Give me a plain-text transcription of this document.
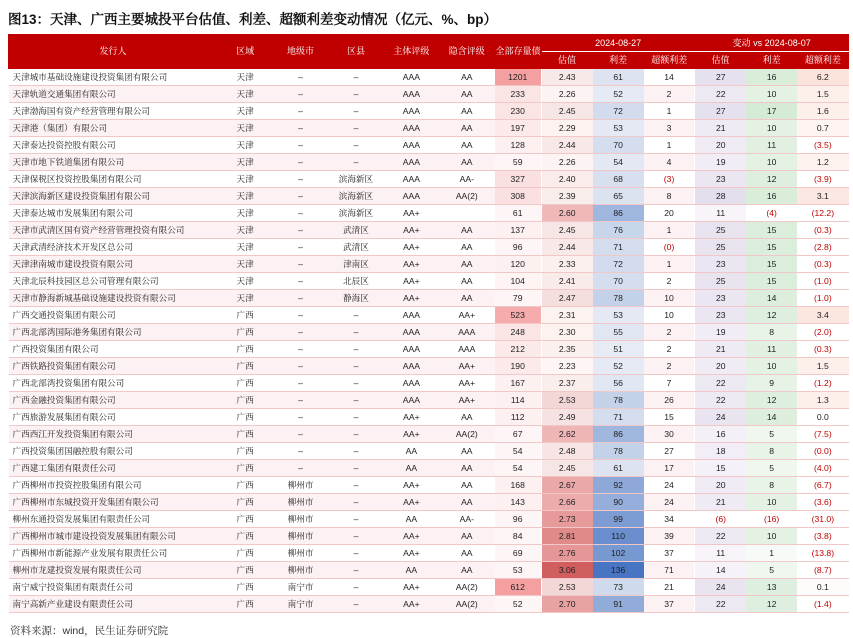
图13：天津、广西主要城投平台估值、利差、超额利差变动情况（亿元、%、bp）
发行人	区域	地级市	区县	主体评级	隐含评级	全部存量债	2024-08-27			变动 vs 2024-08-07		
							估值	利差	超额利差	估值	利差	超额利差
天津城市基础设施建设投资集团有限公司	天津	–	–	AAA	AA	1201	2.43	61	14	27	16	6.2
天津轨道交通集团有限公司	天津	–	–	AAA	AA	233	2.26	52	2	22	10	1.5
天津渤海国有资产经营管理有限公司	天津	–	–	AAA	AA	230	2.45	72	1	27	17	1.6
天津港（集团）有限公司	天津	–	–	AAA	AA	197	2.29	53	3	21	10	0.7
天津泰达投资控股有限公司	天津	–	–	AAA	AA	128	2.44	70	1	20	11	(3.5)
天津市地下铁道集团有限公司	天津	–	–	AAA	AA	59	2.26	54	4	19	10	1.2
天津保税区投资控股集团有限公司	天津	–	滨海新区	AAA	AA-	327	2.40	68	(3)	23	12	(3.9)
天津滨海新区建设投资集团有限公司	天津	–	滨海新区	AAA	AA(2)	308	2.39	65	8	28	16	3.1
天津泰达城市发展集团有限公司	天津	–	滨海新区	AA+		61	2.60	86	20	11	(4)	(12.2)
天津市武清区国有资产经营管理投资有限公司	天津	–	武清区	AA+	AA	137	2.45	76	1	25	15	(0.3)
天津武清经济技术开发区总公司	天津	–	武清区	AA+	AA	96	2.44	71	(0)	25	15	(2.8)
天津津南城市建设投资有限公司	天津	–	津南区	AA+	AA	120	2.33	72	1	23	15	(0.3)
天津北辰科技园区总公司管理有限公司	天津	–	北辰区	AA+	AA	104	2.41	70	2	25	15	(1.0)
天津市静海新城基础设施建设投资有限公司	天津	–	静海区	AA+	AA	79	2.47	78	10	23	14	(1.0)
广西交通投资集团有限公司	广西	–	–	AAA	AA+	523	2.31	53	10	23	12	3.4
广西北部湾国际港务集团有限公司	广西	–	–	AAA	AAA	248	2.30	55	2	19	8	(2.0)
广西投资集团有限公司	广西	–	–	AAA	AAA	212	2.35	51	2	21	11	(0.3)
广西铁路投资集团有限公司	广西	–	–	AAA	AA+	190	2.23	52	2	20	10	1.5
广西北部湾投资集团有限公司	广西	–	–	AAA	AA+	167	2.37	56	7	22	9	(1.2)
广西金融投资集团有限公司	广西	–	–	AAA	AA+	114	2.53	78	26	22	12	1.3
广西旅游发展集团有限公司	广西	–	–	AA+	AA	112	2.49	71	15	24	14	0.0
广西西江开发投资集团有限公司	广西	–	–	AA+	AA(2)	67	2.62	86	30	16	5	(7.5)
广西投资集团国融控股有限公司	广西	–	–	AA	AA	54	2.48	78	27	18	8	(0.0)
广西建工集团有限责任公司	广西	–	–	AA	AA	54	2.45	61	17	15	5	(4.0)
广西柳州市投资控股集团有限公司	广西	柳州市	–	AA+	AA	168	2.67	92	24	20	8	(6.7)
广西柳州市东城投资开发集团有限公司	广西	柳州市	–	AA+	AA	143	2.66	90	24	21	10	(3.6)
柳州东通投资发展集团有限责任公司	广西	柳州市	–	AA	AA-	96	2.73	99	34	(6)	(16)	(31.0)
广西柳州市城市建设投资发展集团有限公司	广西	柳州市	–	AA+	AA	84	2.81	110	39	22	10	(3.8)
广西柳州市新能源产业发展有限责任公司	广西	柳州市	–	AA+	AA	69	2.76	102	37	11	1	(13.8)
柳州市龙建投资发展有限责任公司	广西	柳州市	–	AA	AA	53	3.06	136	71	14	5	(8.7)
南宁威宁投资集团有限责任公司	广西	南宁市	–	AA+	AA(2)	612	2.53	73	21	24	13	0.1
南宁高新产业建设有限责任公司	广西	南宁市	–	AA+	AA(2)	52	2.70	91	37	22	12	(1.4)
资料来源：wind，民生证券研究院
